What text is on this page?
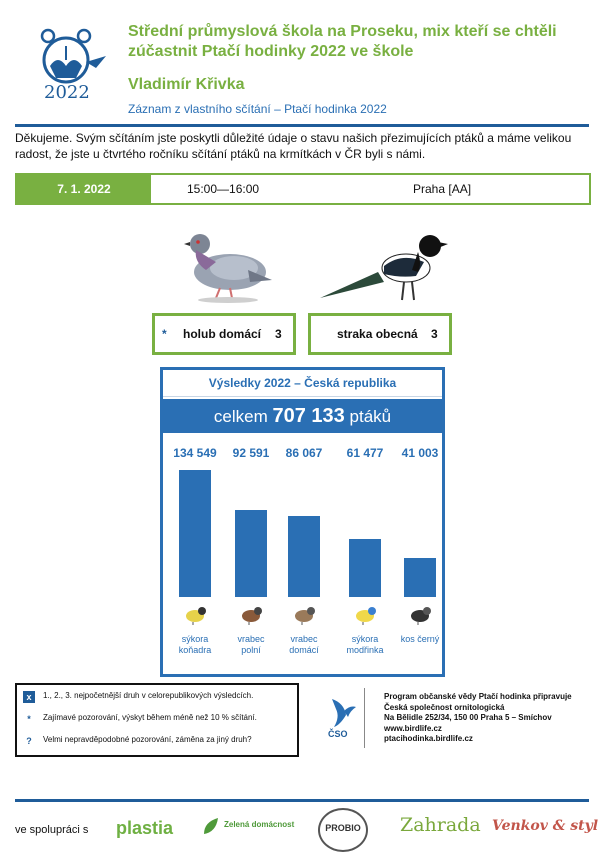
2022
Střední průmyslová škola na Proseku, mix kteří se chtěli zúčastnit Ptačí hodinky 2022 ve škole
Vladimír Křivka
Záznam z vlastního sčítání – Ptačí hodinka 2022
Děkujeme. Svým sčítáním jste poskytli důležité údaje o stavu našich přezimujících ptáků a máme velikou radost, že jste u čtvrtého ročníku sčítání ptáků na krmítkách v ČR byli s námi.
7. 1. 2022	15:00—16:00	Praha [AA]
* holub domácí 3	straka obecná 3
Výsledky 2022 – Česká republika
celkem 707 133 ptáků
134 549
sýkora
koňadra
92 591
vrabec
polní
86 067
vrabec
domácí
61 477
sýkora
modřinka
41 003
kos černý
x	1., 2., 3. nejpočetnější druh v celorepublikových výsledcích.
*	Zajímavé pozorování, výskyt během méně než 10 % sčítání.
?	Velmi nepravděpodobné pozorování, záměna za jiný druh?
ČSO
Program občanské vědy Ptačí hodinka připravuje
Česká společnost ornitologická
Na Bělidle 252/34, 150 00 Praha 5 – Smíchov
www.birdlife.cz
ptacihodinka.birdlife.cz
ve spolupráci s plastia	Zelená domácnost	PROBIO Zahrada Venkov & styl
